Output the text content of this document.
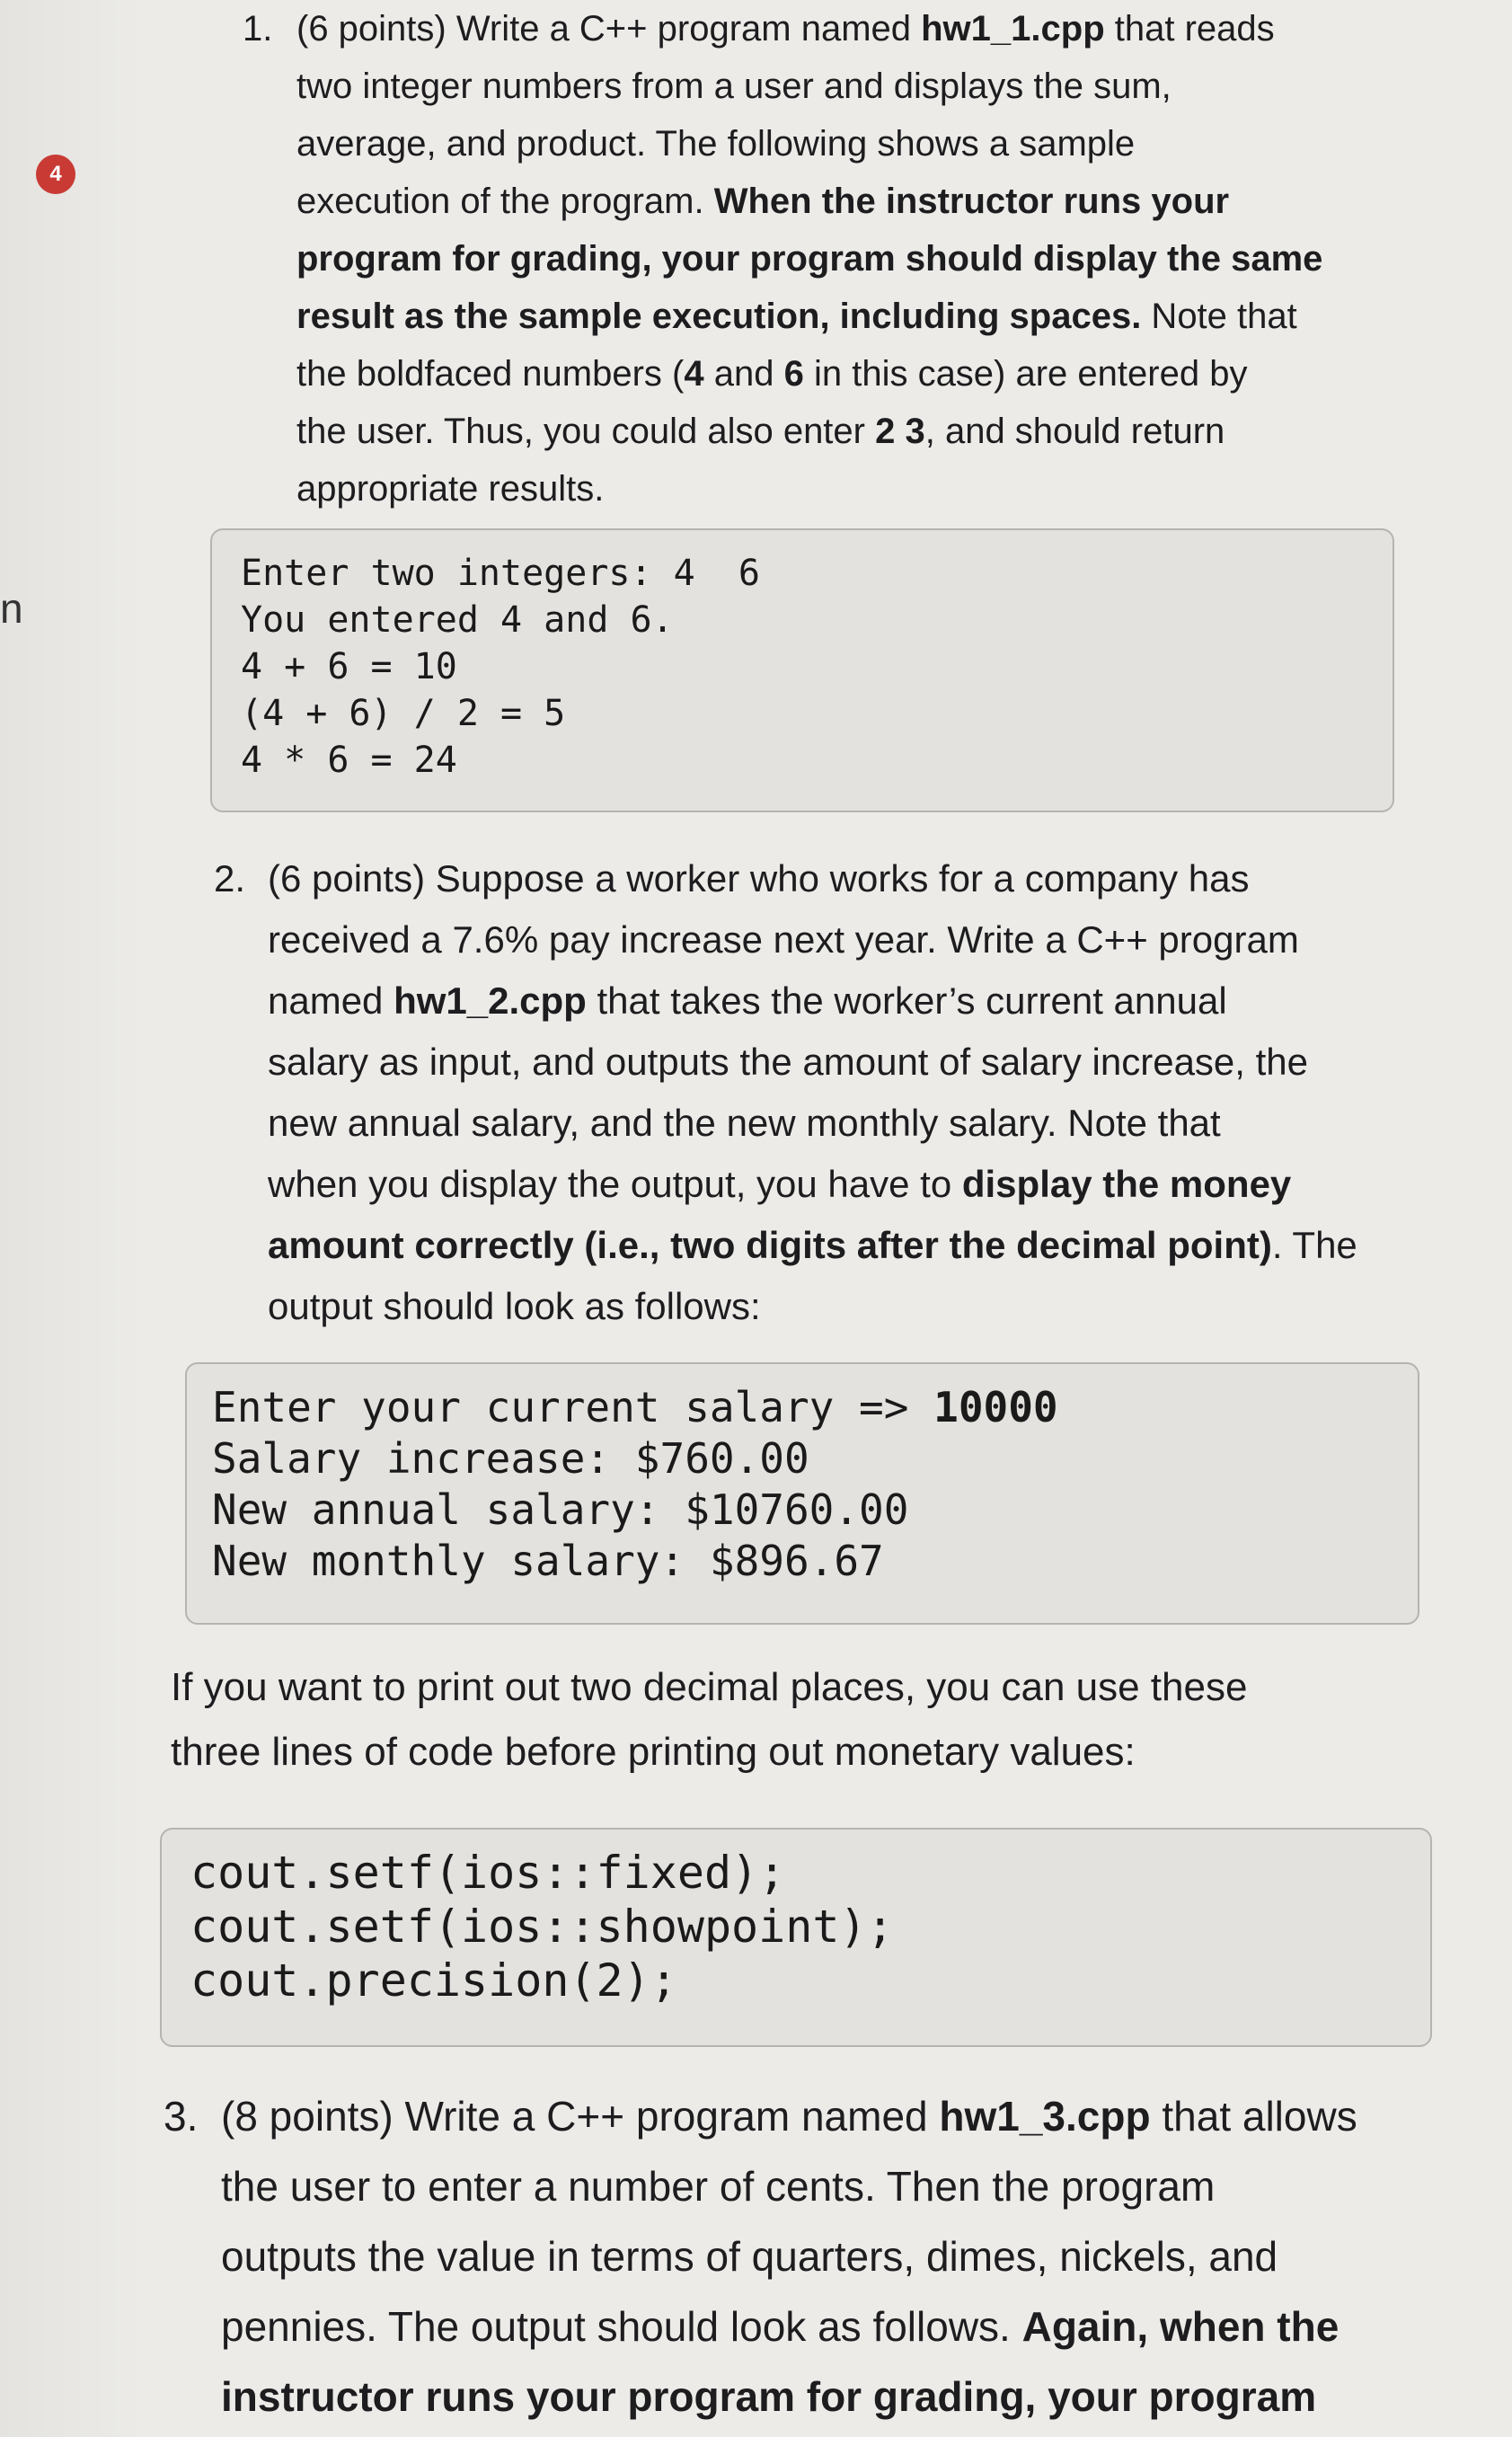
4
n
1. (6 points) Write a C++ program named hw1_1.cpp that reads
two integer numbers from a user and displays the sum,
average, and product. The following shows a sample
execution of the program. When the instructor runs your
program for grading, your program should display the same
result as the sample execution, including spaces. Note that
the boldfaced numbers (4 and 6 in this case) are entered by
the user. Thus, you could also enter 2 3, and should return
appropriate results.
Enter two integers: 4  6
You entered 4 and 6.
4 + 6 = 10
(4 + 6) / 2 = 5
4 * 6 = 24
2. (6 points) Suppose a worker who works for a company has
received a 7.6% pay increase next year. Write a C++ program
named hw1_2.cpp that takes the worker’s current annual
salary as input, and outputs the amount of salary increase, the
new annual salary, and the new monthly salary. Note that
when you display the output, you have to display the money
amount correctly (i.e., two digits after the decimal point). The
output should look as follows:
Enter your current salary => 10000
Salary increase: $760.00
New annual salary: $10760.00
New monthly salary: $896.67
If you want to print out two decimal places, you can use these
three lines of code before printing out monetary values:
cout.setf(ios::fixed);
cout.setf(ios::showpoint);
cout.precision(2);
3. (8 points) Write a C++ program named hw1_3.cpp that allows
the user to enter a number of cents. Then the program
outputs the value in terms of quarters, dimes, nickels, and
pennies. The output should look as follows. Again, when the
instructor runs your program for grading, your program
